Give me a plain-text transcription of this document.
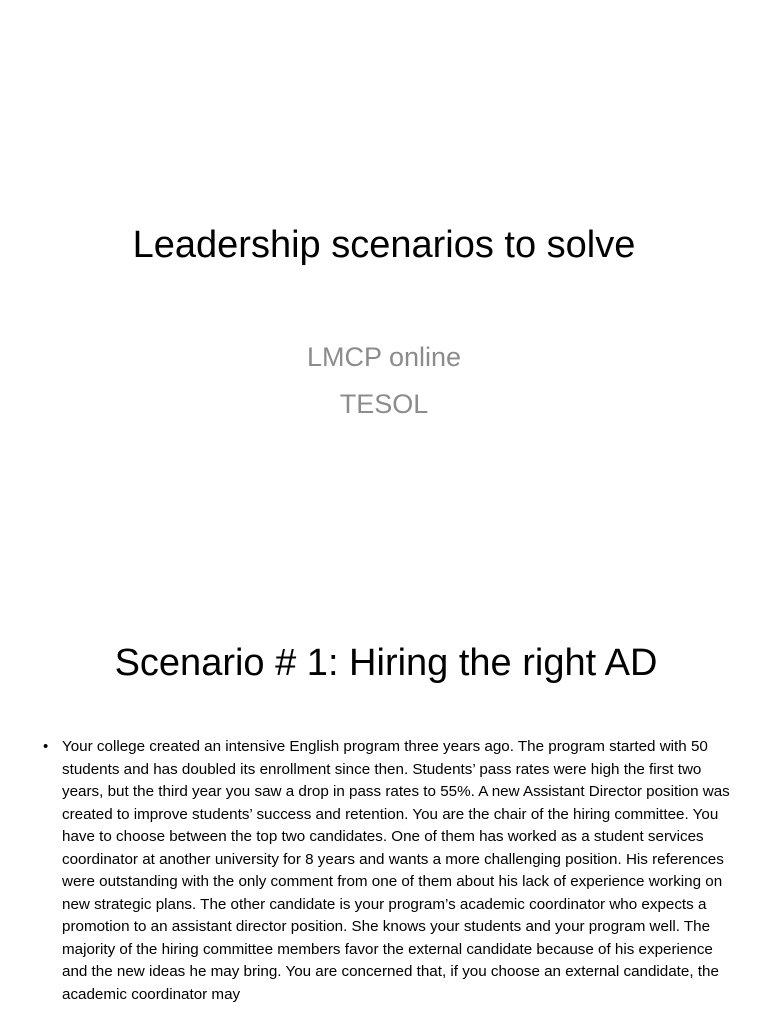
Leadership scenarios to solve
LMCP online
TESOL
Scenario # 1: Hiring the right AD
• Your college created an intensive English program three years ago. The program started with 50 students and has doubled its enrollment since then. Students’ pass rates were high the first two years, but the third year you saw a drop in pass rates to 55%. A new Assistant Director position was created to improve students’ success and retention. You are the chair of the hiring committee. You have to choose between the top two candidates. One of them has worked as a student services coordinator at another university for 8 years and wants a more challenging position. His references were outstanding with the only comment from one of them about his lack of experience working on new strategic plans. The other candidate is your program’s academic coordinator who expects a promotion to an assistant director position. She knows your students and your program well. The majority of the hiring committee members favor the external candidate because of his experience and the new ideas he may bring. You are concerned that, if you choose an external candidate, the academic coordinator may
